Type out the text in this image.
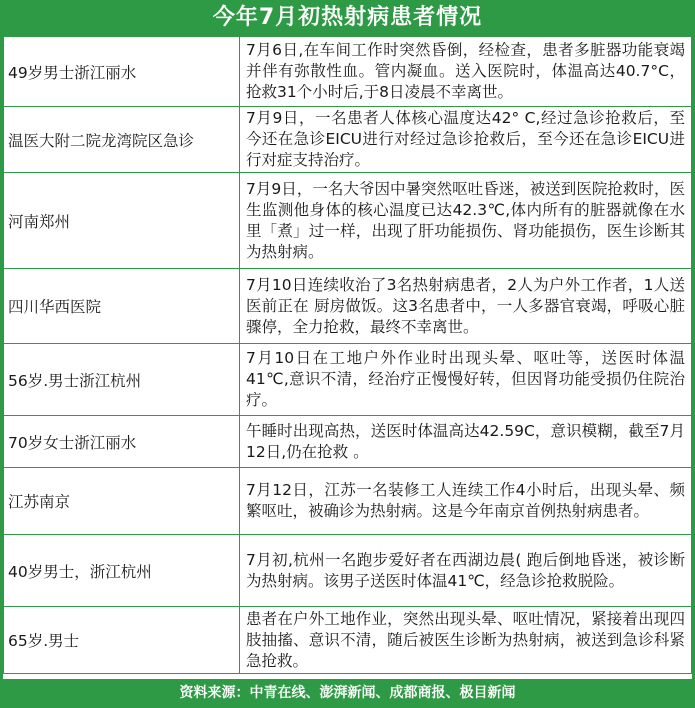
今年7月初热射病患者情况
49岁男士浙江丽水	7月6日,在车间工作时突然昏倒，经检查，患者多脏器功能衰竭并伴有弥散性血。管内凝血。送入医院时，体温高达40.7°C，抢救31个小时后,于8日凌晨不幸离世。
温医大附二院龙湾院区急诊	7月9日，一名患者人体核心温度达42° C,经过急诊抢救后，至今还在急诊EICU进行对经过急诊抢救后，至今还在急诊EICU进行对症支持治疗。
河南郑州	7月9日，一名大爷因中暑突然呕吐昏迷，被送到医院抢救时，医生监测他身体的核心温度已达42.3℃,体内所有的脏器就像在水里「煮」过一样，出现了肝功能损伤、肾功能损伤，医生诊断其为热射病。
四川华西医院	7月10日连续收治了3名热射病患者，2人为户外工作者，1人送医前正在 厨房做饭。这3名患者中，一人多器官衰竭，呼吸心脏骤停，全力抢救，最终不幸离世。
56岁.男士浙江杭州	7月10日在工地户外作业时出现头晕、呕吐等，送医时体温41℃,意识不清，经治疗正慢慢好转，但因肾功能受损仍住院治疗。
70岁女士浙江丽水	午睡时出现高热，送医时体温高达42.59C，意识模糊，截至7月12日,仍在抢救 。
江苏南京	7月12日，江苏一名装修工人连续工作4小时后，出现头晕、频繁呕吐，被确诊为热射病。这是今年南京首例热射病患者。
40岁男士，浙江杭州	7月初,杭州一名跑步爱好者在西湖边晨( 跑后倒地昏迷，被诊断为热射病。该男子送医时体温41℃，经急诊抢救脱险。
65岁.男士	患者在户外工地作业，突然出现头晕、呕吐情况，紧接着出现四肢抽搐、意识不清，随后被医生诊断为热射病，被送到急诊科紧急抢救。
资料来源：中青在线、澎湃新闻、成都商报、极目新闻
